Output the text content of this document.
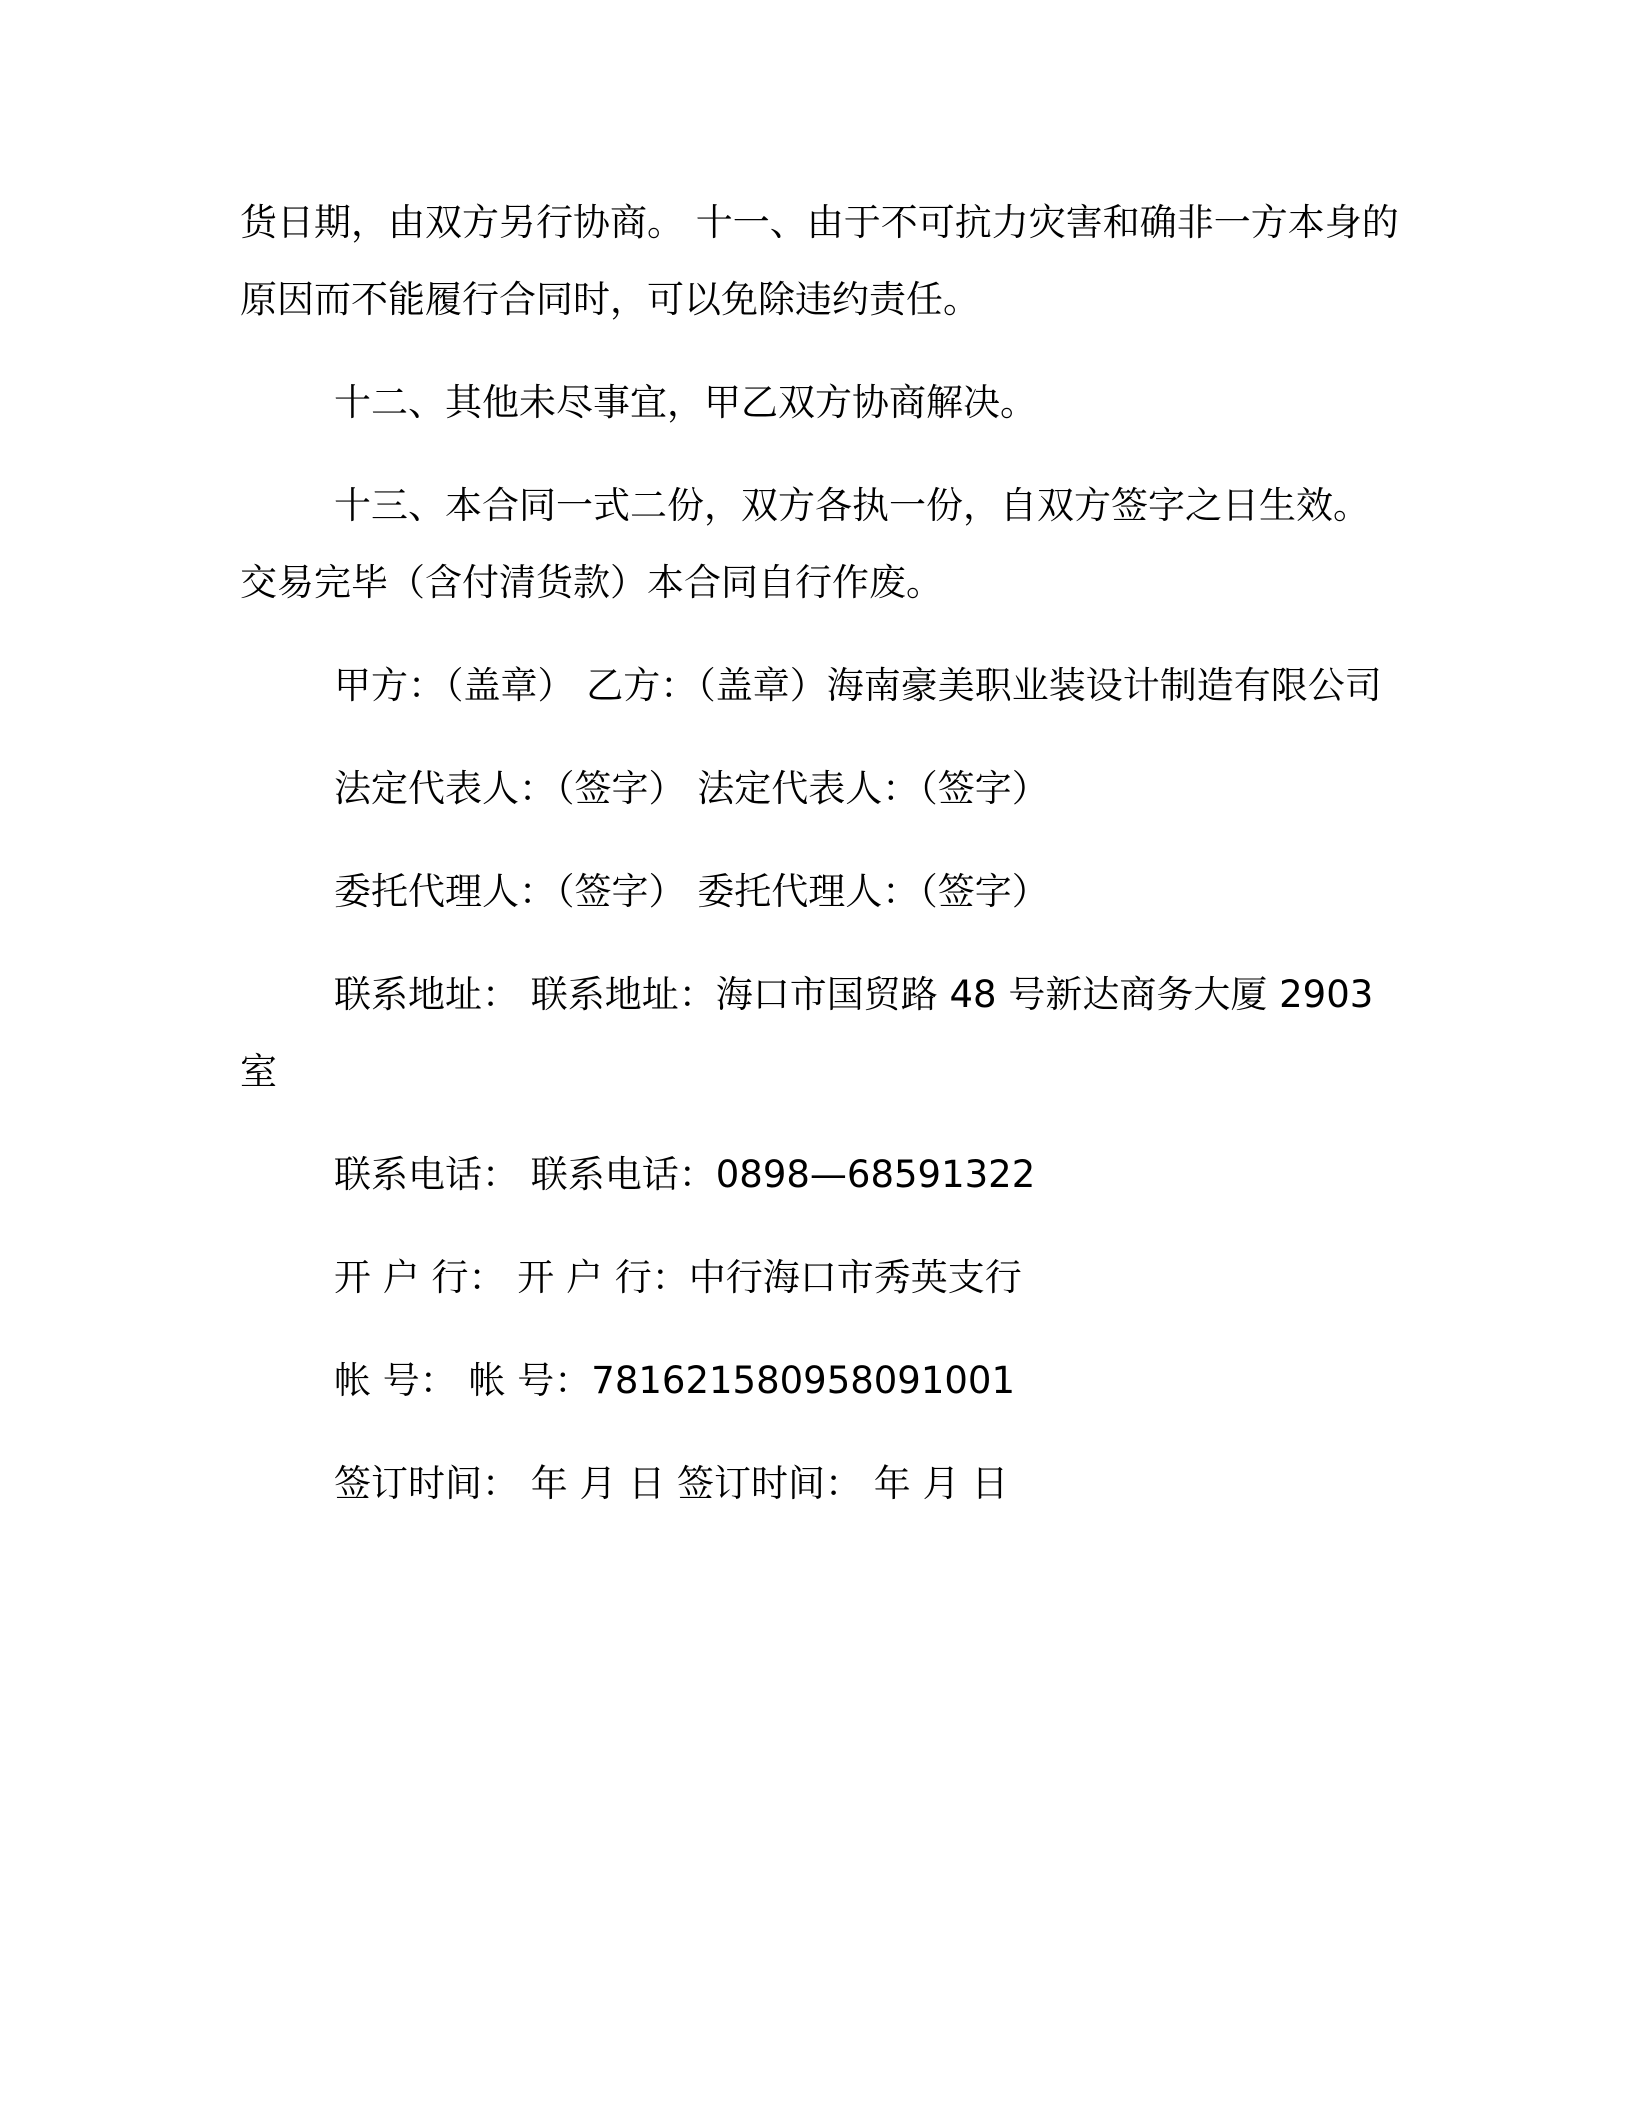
货日期，由双方另行协商。 十一、由于不可抗力灾害和确非一方本身的原因而不能履行合同时，可以免除违约责任。

十二、其他未尽事宜，甲乙双方协商解决。

十三、本合同一式二份，双方各执一份，自双方签字之日生效。交易完毕（含付清货款）本合同自行作废。

甲方：（盖章） 乙方：（盖章）海南豪美职业装设计制造有限公司

法定代表人：（签字） 法定代表人：（签字）

委托代理人：（签字） 委托代理人：（签字）

联系地址： 联系地址：海口市国贸路 48 号新达商务大厦 2903 室

联系电话： 联系电话：0898—68591322

开 户 行： 开 户 行：中行海口市秀英支行

帐 号： 帐 号：781621580958091001

签订时间： 年 月 日 签订时间： 年 月 日
